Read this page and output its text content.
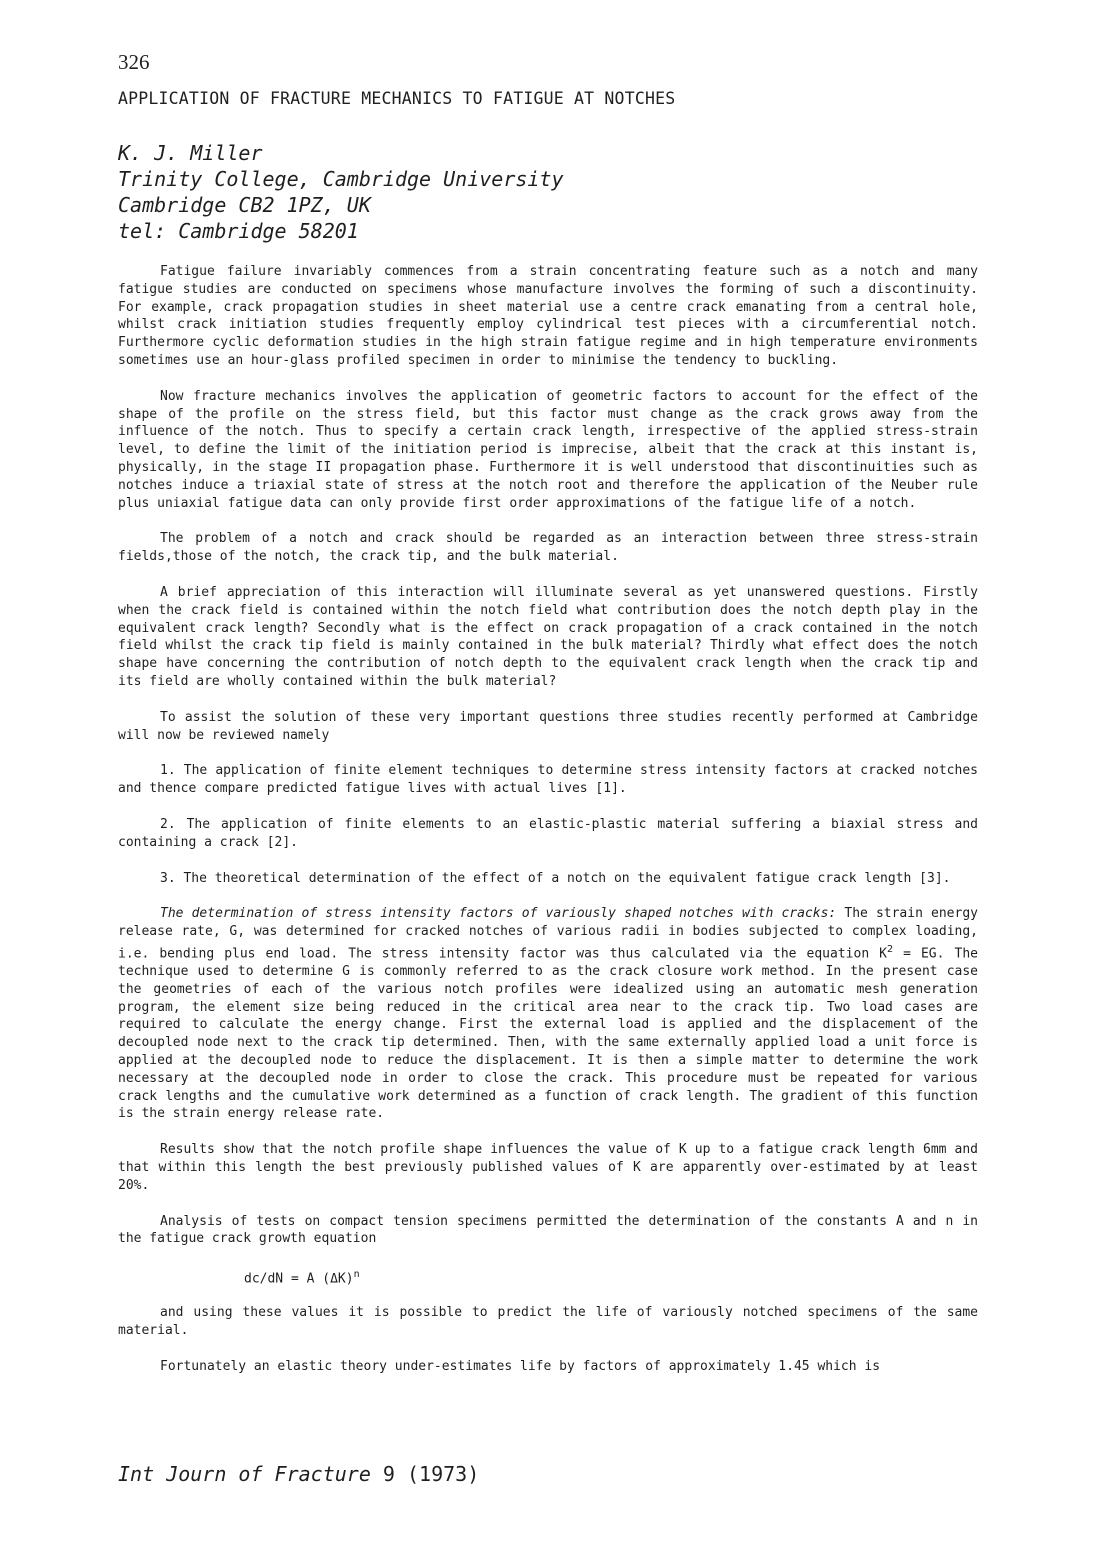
326
APPLICATION OF FRACTURE MECHANICS TO FATIGUE AT NOTCHES
K. J. Miller
Trinity College, Cambridge University
Cambridge CB2 1PZ, UK
tel: Cambridge 58201

Fatigue failure invariably commences from a strain concentrating feature such as a notch and many fatigue studies are conducted on specimens whose manufacture involves the forming of such a discontinuity. For example, crack propagation studies in sheet material use a centre crack emanating from a central hole, whilst crack initiation studies frequently employ cylindrical test pieces with a circumferential notch. Furthermore cyclic deformation studies in the high strain fatigue regime and in high temperature environments sometimes use an hour-glass profiled specimen in order to minimise the tendency to buckling.

Now fracture mechanics involves the application of geometric factors to account for the effect of the shape of the profile on the stress field, but this factor must change as the crack grows away from the influence of the notch. Thus to specify a certain crack length, irrespective of the applied stress-strain level, to define the limit of the initiation period is imprecise, albeit that the crack at this instant is, physically, in the stage II propagation phase. Furthermore it is well understood that discontinuities such as notches induce a triaxial state of stress at the notch root and therefore the application of the Neuber rule plus uniaxial fatigue data can only provide first order approximations of the fatigue life of a notch.

The problem of a notch and crack should be regarded as an interaction between three stress-strain fields,those of the notch, the crack tip, and the bulk material.

A brief appreciation of this interaction will illuminate several as yet unanswered questions. Firstly when the crack field is contained within the notch field what contribution does the notch depth play in the equivalent crack length? Secondly what is the effect on crack propagation of a crack contained in the notch field whilst the crack tip field is mainly contained in the bulk material? Thirdly what effect does the notch shape have concerning the contribution of notch depth to the equivalent crack length when the crack tip and its field are wholly contained within the bulk material?

To assist the solution of these very important questions three studies recently performed at Cambridge will now be reviewed namely

1. The application of finite element techniques to determine stress intensity factors at cracked notches and thence compare predicted fatigue lives with actual lives [1].

2. The application of finite elements to an elastic-plastic material suffering a biaxial stress and containing a crack [2].

3. The theoretical determination of the effect of a notch on the equivalent fatigue crack length [3].

The determination of stress intensity factors of variously shaped notches with cracks: The strain energy release rate, G, was determined for cracked notches of various radii in bodies subjected to complex loading, i.e. bending plus end load. The stress intensity factor was thus calculated via the equation $K^2$ = EG. The technique used to determine G is commonly referred to as the crack closure work method. In the present case the geometries of each of the various notch profiles were idealized using an automatic mesh generation program, the element size being reduced in the critical area near to the crack tip. Two load cases are required to calculate the energy change. First the external load is applied and the displacement of the decoupled node next to the crack tip determined. Then, with the same externally applied load a unit force is applied at the decoupled node to reduce the displacement. It is then a simple matter to determine the work necessary at the decoupled node in order to close the crack. This procedure must be repeated for various crack lengths and the cumulative work determined as a function of crack length. The gradient of this function is the strain energy release rate.

Results show that the notch profile shape influences the value of K up to a fatigue crack length 6mm and that within this length the best previously published values of K are apparently over-estimated by at least 20%.

Analysis of tests on compact tension specimens permitted the determination of the constants A and n in the fatigue crack growth equation

dc/dN = A $(\Delta K)^n$

and using these values it is possible to predict the life of variously notched specimens of the same material.

Fortunately an elastic theory under-estimates life by factors of approximately 1.45 which is

Int Journ of Fracture 9 (1973)
